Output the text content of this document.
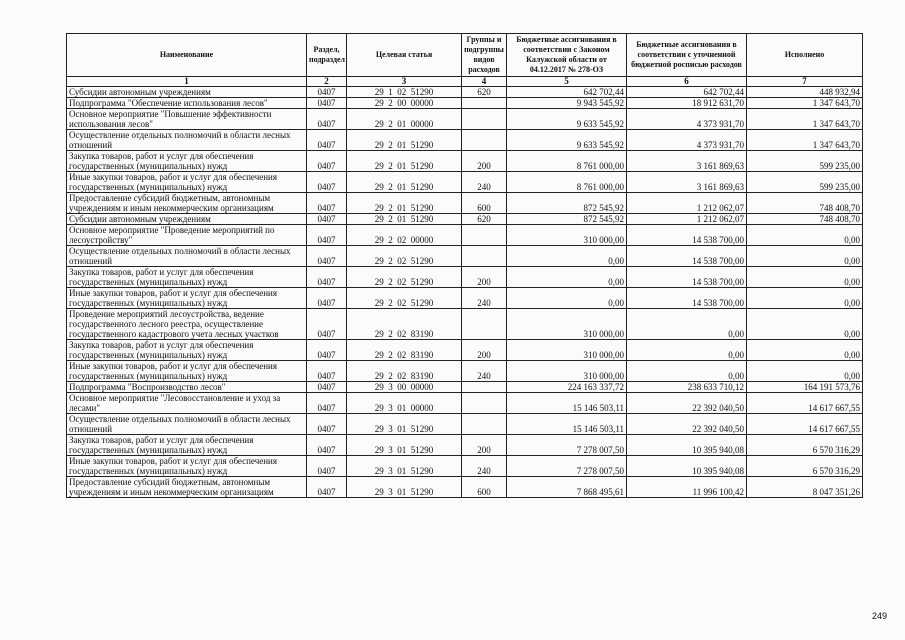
Наименование	Раздел, подраздел	Целевая статья	Группы и подгруппы видов расходов	Бюджетные ассигнования в соответствии с Законом Калужской области от 04.12.2017 № 278-ОЗ	Бюджетные ассигнования в соответствии с уточненной бюджетной росписью расходов	Исполнено
1	2	3	4	5	6	7
Субсидии автономным учреждениям	0407	29  1  02  51290	620	642 702,44	642 702,44	448 932,94
Подпрограмма "Обеспечение использования лесов"	0407	29  2  00  00000		9 943 545,92	18 912 631,70	1 347 643,70
Основное мероприятие "Повышение эффективности использования лесов"	0407	29  2  01  00000		9 633 545,92	4 373 931,70	1 347 643,70
Осуществление отдельных полномочий в области лесных отношений	0407	29  2  01  51290		9 633 545,92	4 373 931,70	1 347 643,70
Закупка товаров, работ и услуг для обеспечения государственных (муниципальных) нужд	0407	29  2  01  51290	200	8 761 000,00	3 161 869,63	599 235,00
Иные закупки товаров, работ и услуг для обеспечения государственных (муниципальных) нужд	0407	29  2  01  51290	240	8 761 000,00	3 161 869,63	599 235,00
Предоставление субсидий бюджетным, автономным учреждениям и иным некоммерческим организациям	0407	29  2  01  51290	600	872 545,92	1 212 062,07	748 408,70
Субсидии автономным учреждениям	0407	29  2  01  51290	620	872 545,92	1 212 062,07	748 408,70
Основное мероприятие "Проведение мероприятий по лесоустройству"	0407	29  2  02  00000		310 000,00	14 538 700,00	0,00
Осуществление отдельных полномочий в области лесных отношений	0407	29  2  02  51290		0,00	14 538 700,00	0,00
Закупка товаров, работ и услуг для обеспечения государственных (муниципальных) нужд	0407	29  2  02  51290	200	0,00	14 538 700,00	0,00
Иные закупки товаров, работ и услуг для обеспечения государственных (муниципальных) нужд	0407	29  2  02  51290	240	0,00	14 538 700,00	0,00
Проведение мероприятий лесоустройства, ведение государственного лесного реестра, осуществление государственного кадастрового учета лесных участков	0407	29  2  02  83190		310 000,00	0,00	0,00
Закупка товаров, работ и услуг для обеспечения государственных (муниципальных) нужд	0407	29  2  02  83190	200	310 000,00	0,00	0,00
Иные закупки товаров, работ и услуг для обеспечения государственных (муниципальных) нужд	0407	29  2  02  83190	240	310 000,00	0,00	0,00
Подпрограмма "Воспроизводство лесов"	0407	29  3  00  00000		224 163 337,72	238 633 710,12	164 191 573,76
Основное мероприятие "Лесовосстановление и уход за лесами"	0407	29  3  01  00000		15 146 503,11	22 392 040,50	14 617 667,55
Осуществление отдельных полномочий в области лесных отношений	0407	29  3  01  51290		15 146 503,11	22 392 040,50	14 617 667,55
Закупка товаров, работ и услуг для обеспечения государственных (муниципальных) нужд	0407	29  3  01  51290	200	7 278 007,50	10 395 940,08	6 570 316,29
Иные закупки товаров, работ и услуг для обеспечения государственных (муниципальных) нужд	0407	29  3  01  51290	240	7 278 007,50	10 395 940,08	6 570 316,29
Предоставление субсидий бюджетным, автономным учреждениям и иным некоммерческим организациям	0407	29  3  01  51290	600	7 868 495,61	11 996 100,42	8 047 351,26
249
